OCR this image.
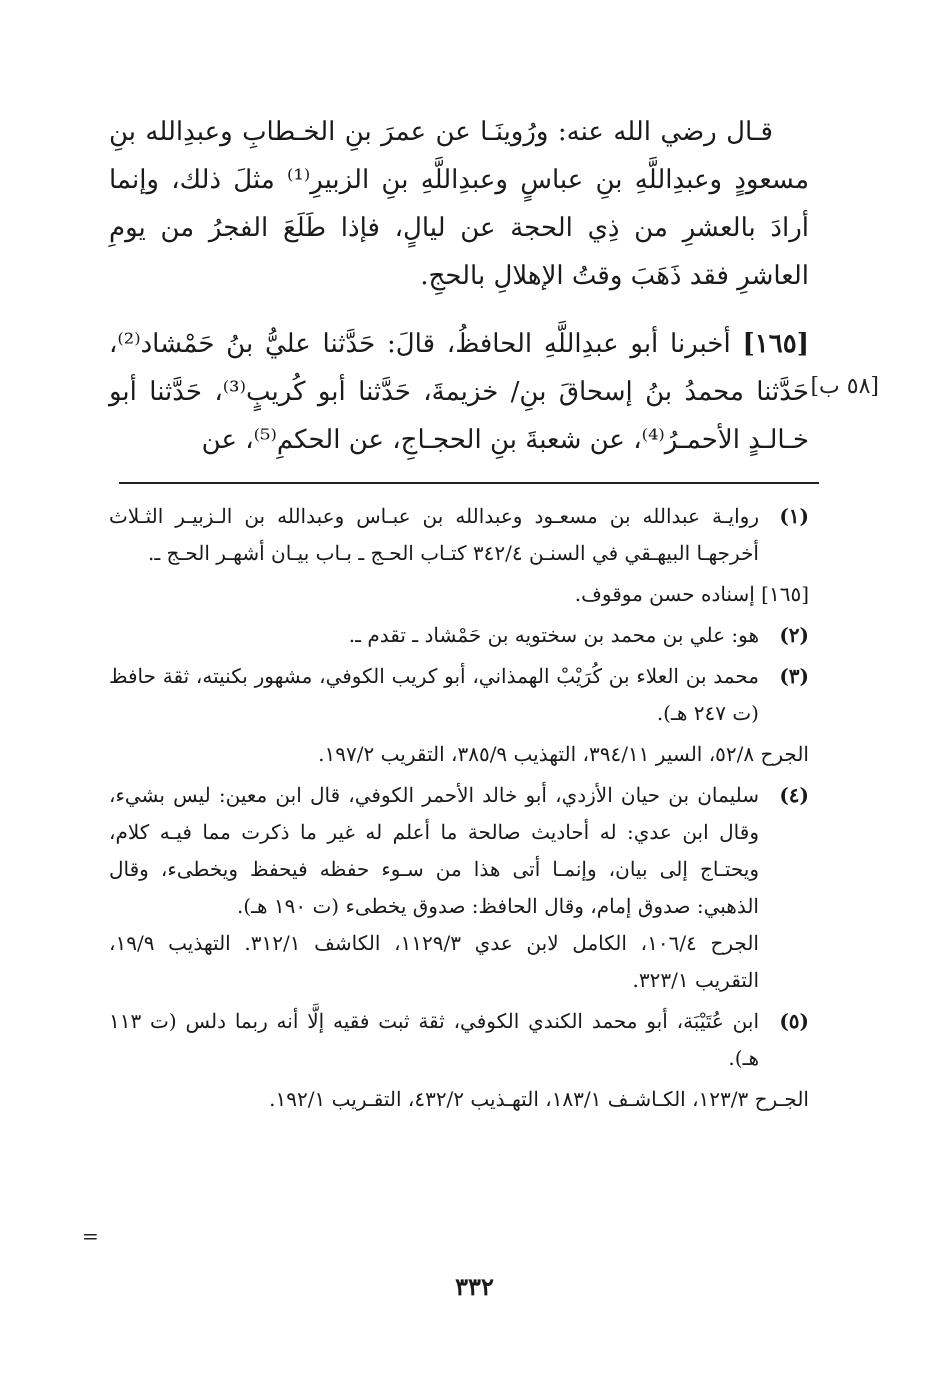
قـال رضي الله عنه: ورُوينَـا عن عمرَ بنِ الخـطابِ وعبدِالله بنِ مسعودٍ وعبدِاللَّهِ بنِ عباسٍ وعبدِاللَّهِ بنِ الزبيرِ⁽¹⁾ مثلَ ذلك، وإنما أرادَ بالعشرِ من ذِي الحجة عن ليالٍ، فإذا طَلَعَ الفجرُ من يومِ العاشرِ فقد ذَهَبَ وقتُ الإهلالِ بالحجِ.

[١٦٥] أخبرنا أبو عبدِاللَّهِ الحافظُ، قالَ: حَدَّثنا عليُّ بنُ حَمْشاد⁽²⁾، حَدَّثنا محمدُ بنُ إسحاقَ بنِ/ خزيمةَ، حَدَّثنا أبو كُريبٍ⁽³⁾، حَدَّثنا أبو خـالـدٍ الأحمـرُ⁽⁴⁾، عن شعبةَ بنِ الحجـاجِ، عن الحكمِ⁽⁵⁾، عن

[٥٨ ب]
(١)
روايـة عبدالله بن مسعـود وعبدالله بن عبـاس وعبدالله بن الـزبيـر الثـلاث أخرجهـا البيهـقي في السنـن ٣٤٢/٤ كتـاب الحـج ـ بـاب بيـان أشهـر الحـج ـ.

[١٦٥] إسناده حسن موقوف.

(٢)
هو: علي بن محمد بن سختويه بن حَمْشاد ـ تقدم ـ.
(٣)
محمد بن العلاء بن كُرَيْبْ الهمذاني، أبو كريب الكوفي، مشهور بكنيته، ثقة حافظ (ت ٢٤٧ هـ).

الجرح ٥٢/٨، السير ٣٩٤/١١، التهذيب ٣٨٥/٩، التقريب ١٩٧/٢.

(٤)
سليمان بن حيان الأزدي، أبو خالد الأحمر الكوفي، قال ابن معين: ليس بشيء، وقال ابن عدي: له أحاديث صالحة ما أعلم له غير ما ذكرت مما فيـه كلام، ويحتـاج إلى بيان، وإنمـا أتى هذا من سـوء حفظه فيحفظ ويخطىء، وقال الذهبي: صدوق إمام، وقال الحافظ: صدوق يخطىء (ت ١٩٠ هـ).
الجرح ١٠٦/٤، الكامل لابن عدي ١١٢٩/٣، الكاشف ٣١٢/١. التهذيب ١٩/٩، التقريب ٣٢٣/١.
(٥)
ابن عُتَيْبَة، أبو محمد الكندي الكوفي، ثقة ثبت فقيه إلَّا أنه ربما دلس (ت ١١٣ هـ).

الجـرح ١٢٣/٣، الكـاشـف ١٨٣/١، التهـذيب ٤٣٢/٢، التقـريب ١٩٢/١.

=
٣٣٢
